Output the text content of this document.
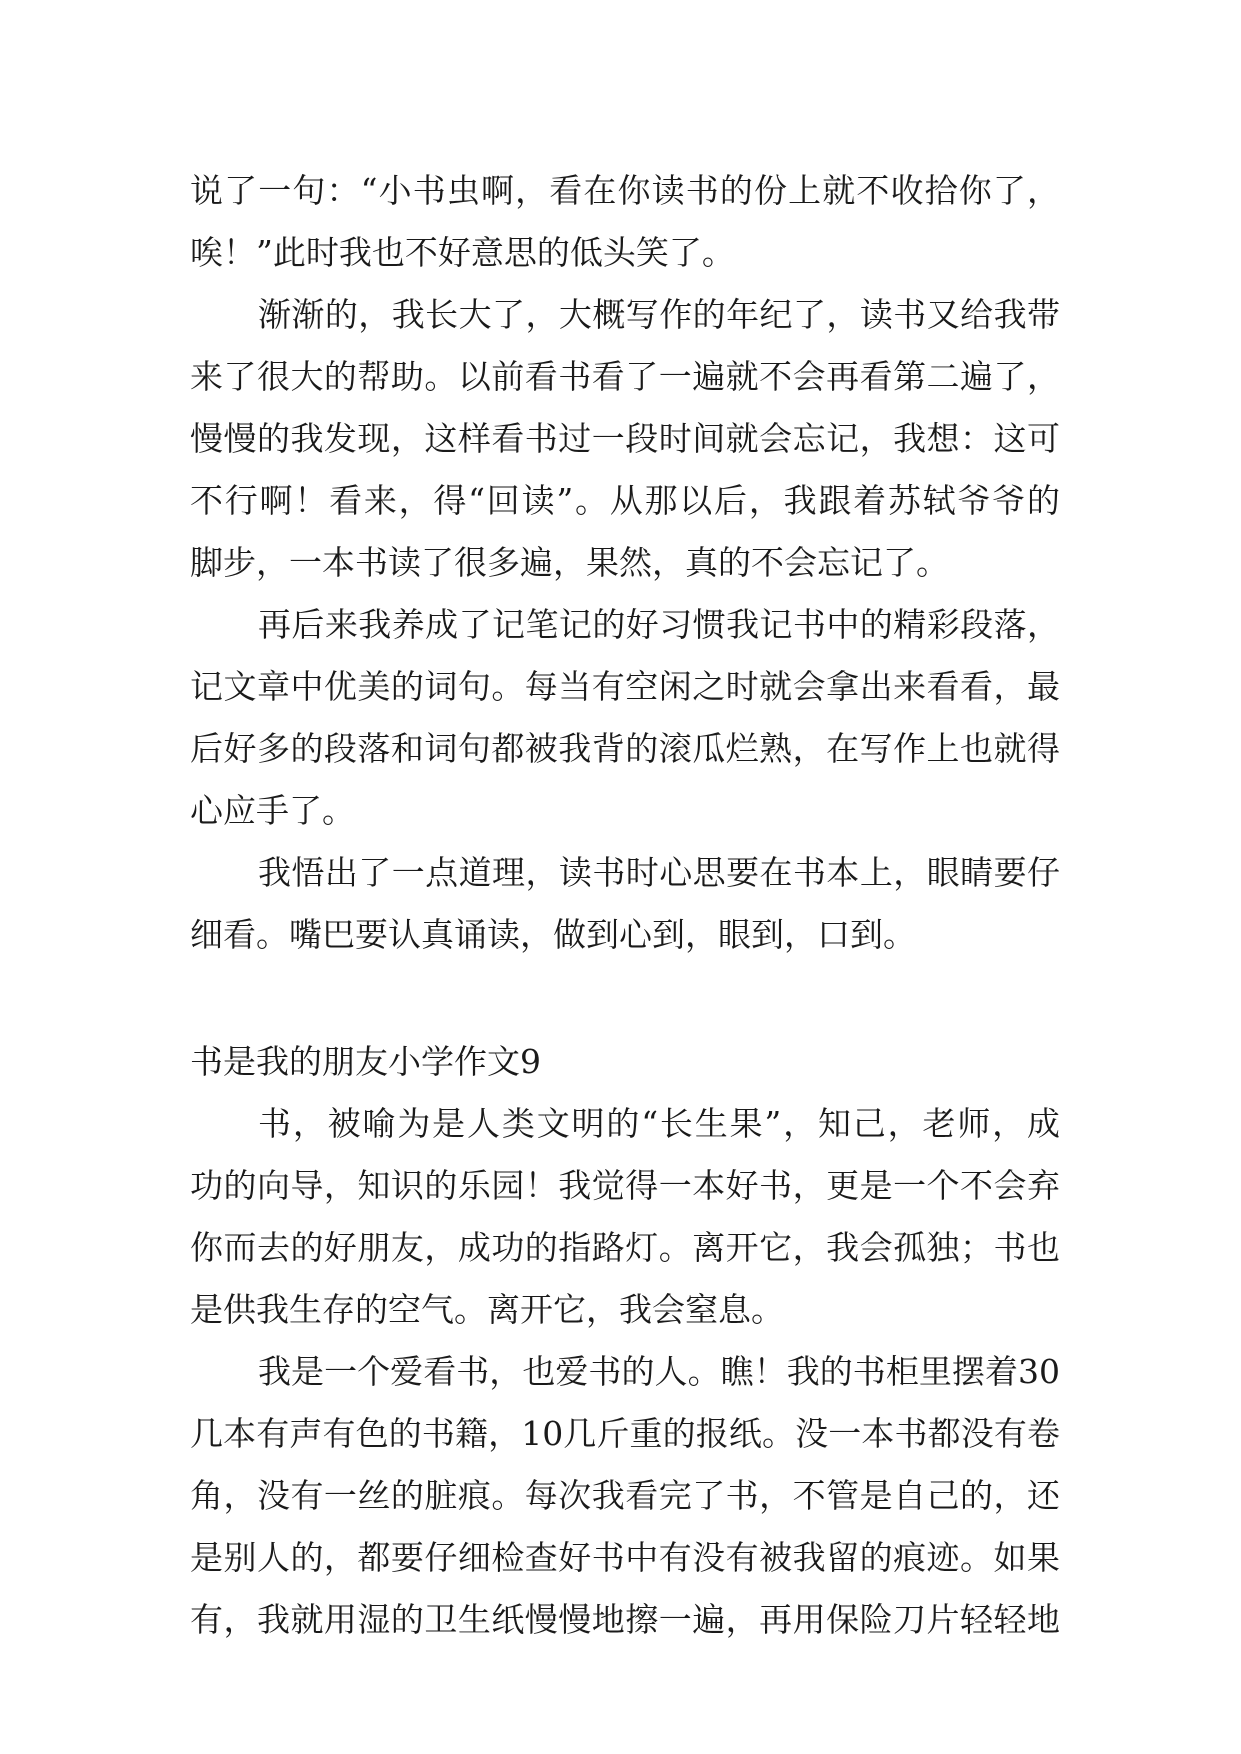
说了一句：“小书虫啊，看在你读书的份上就不收拾你了，
唉！”此时我也不好意思的低头笑了。
渐渐的，我长大了，大概写作的年纪了，读书又给我带
来了很大的帮助。以前看书看了一遍就不会再看第二遍了，
慢慢的我发现，这样看书过一段时间就会忘记，我想：这可
不行啊！看来，得“回读”。从那以后，我跟着苏轼爷爷的
脚步，一本书读了很多遍，果然，真的不会忘记了。
再后来我养成了记笔记的好习惯我记书中的精彩段落，
记文章中优美的词句。每当有空闲之时就会拿出来看看，最
后好多的段落和词句都被我背的滚瓜烂熟，在写作上也就得
心应手了。
我悟出了一点道理，读书时心思要在书本上，眼睛要仔
细看。嘴巴要认真诵读，做到心到，眼到，口到。
书是我的朋友小学作文9
书，被喻为是人类文明的“长生果”，知己，老师，成
功的向导，知识的乐园！我觉得一本好书，更是一个不会弃
你而去的好朋友，成功的指路灯。离开它，我会孤独；书也
是供我生存的空气。离开它，我会窒息。
我是一个爱看书，也爱书的人。瞧！我的书柜里摆着30
几本有声有色的书籍，10几斤重的报纸。没一本书都没有卷
角，没有一丝的脏痕。每次我看完了书，不管是自己的，还
是别人的，都要仔细检查好书中有没有被我留的痕迹。如果
有，我就用湿的卫生纸慢慢地擦一遍，再用保险刀片轻轻地
